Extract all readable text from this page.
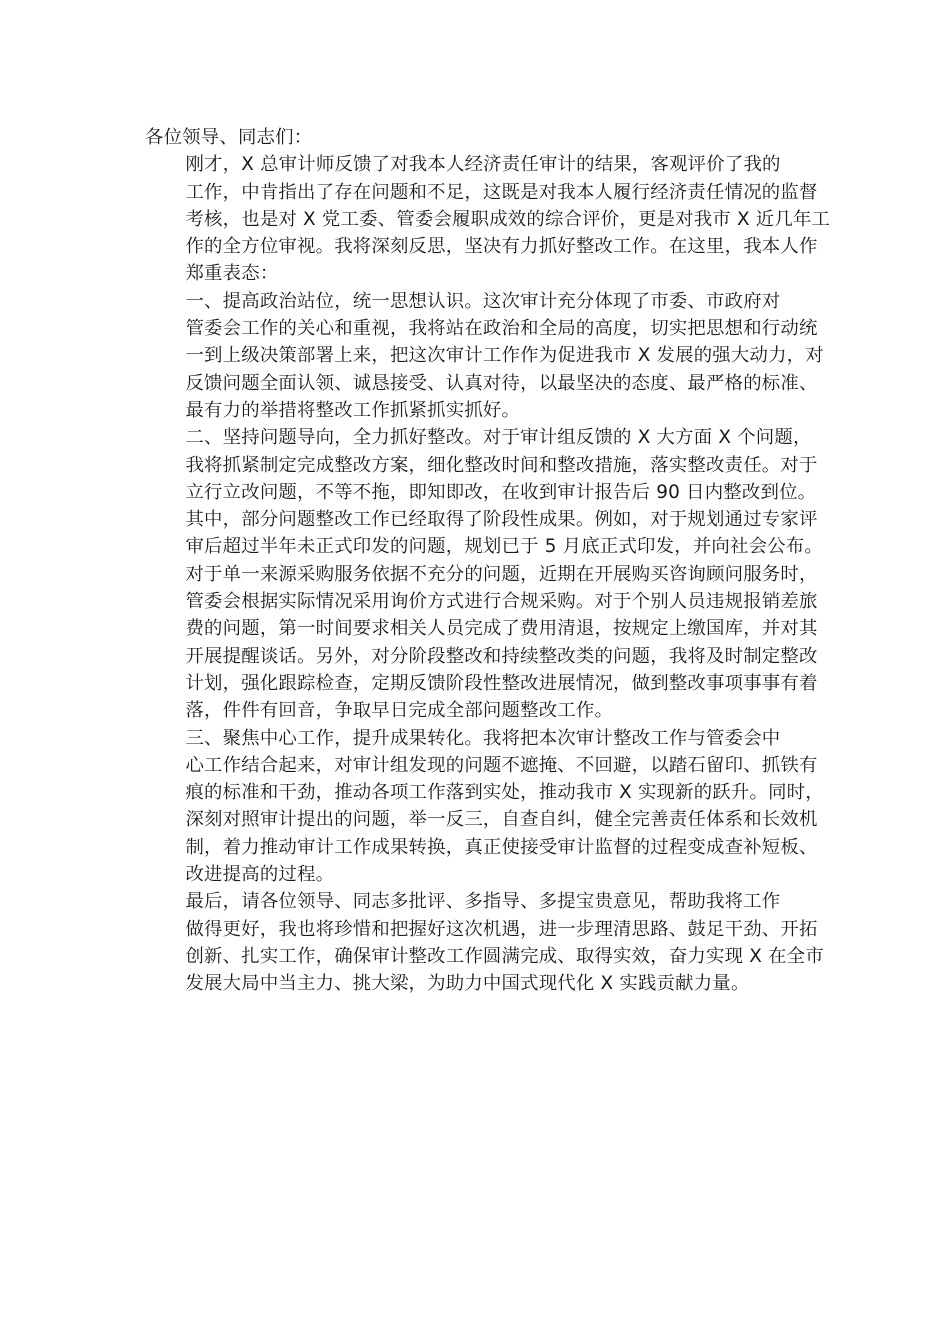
各位领导、同志们：

刚才，X 总审计师反馈了对我本人经济责任审计的结果，客观评价了我的
工作，中肯指出了存在问题和不足，这既是对我本人履行经济责任情况的监督
考核，也是对 X 党工委、管委会履职成效的综合评价，更是对我市 X 近几年工
作的全方位审视。我将深刻反思，坚决有力抓好整改工作。在这里，我本人作
郑重表态：

一、提高政治站位，统一思想认识。这次审计充分体现了市委、市政府对
管委会工作的关心和重视，我将站在政治和全局的高度，切实把思想和行动统
一到上级决策部署上来，把这次审计工作作为促进我市 X 发展的强大动力，对
反馈问题全面认领、诚恳接受、认真对待，以最坚决的态度、最严格的标准、
最有力的举措将整改工作抓紧抓实抓好。

二、坚持问题导向，全力抓好整改。对于审计组反馈的 X 大方面 X 个问题，
我将抓紧制定完成整改方案，细化整改时间和整改措施，落实整改责任。对于
立行立改问题，不等不拖，即知即改，在收到审计报告后 90 日内整改到位。
其中，部分问题整改工作已经取得了阶段性成果。例如，对于规划通过专家评
审后超过半年未正式印发的问题，规划已于 5 月底正式印发，并向社会公布。
对于单一来源采购服务依据不充分的问题，近期在开展购买咨询顾问服务时，
管委会根据实际情况采用询价方式进行合规采购。对于个别人员违规报销差旅
费的问题，第一时间要求相关人员完成了费用清退，按规定上缴国库，并对其
开展提醒谈话。另外，对分阶段整改和持续整改类的问题，我将及时制定整改
计划，强化跟踪检查，定期反馈阶段性整改进展情况，做到整改事项事事有着
落，件件有回音，争取早日完成全部问题整改工作。

三、聚焦中心工作，提升成果转化。我将把本次审计整改工作与管委会中
心工作结合起来，对审计组发现的问题不遮掩、不回避，以踏石留印、抓铁有
痕的标准和干劲，推动各项工作落到实处，推动我市 X 实现新的跃升。同时，
深刻对照审计提出的问题，举一反三，自查自纠，健全完善责任体系和长效机
制，着力推动审计工作成果转换，真正使接受审计监督的过程变成查补短板、
改进提高的过程。

最后，请各位领导、同志多批评、多指导、多提宝贵意见，帮助我将工作
做得更好，我也将珍惜和把握好这次机遇，进一步理清思路、鼓足干劲、开拓
创新、扎实工作，确保审计整改工作圆满完成、取得实效，奋力实现 X 在全市
发展大局中当主力、挑大梁，为助力中国式现代化 X 实践贡献力量。
